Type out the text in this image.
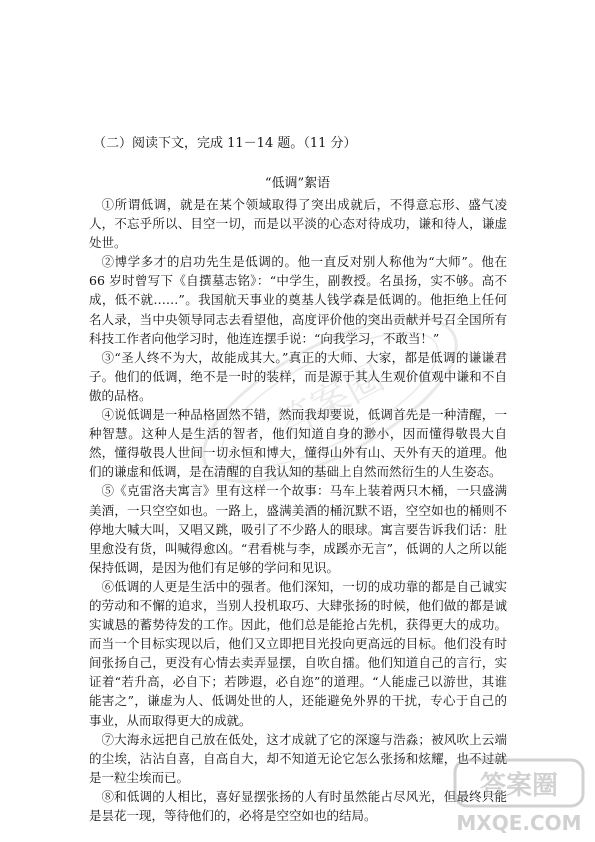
（二）阅读下文，完成 11－14 题。（11 分）
“低调”絮语

①所谓低调，就是在某个领域取得了突出成就后，不得意忘形、盛气凌人，不忘乎所以、目空一切，而是以平淡的心态对待成功，谦和待人，谦虚处世。

②博学多才的启功先生是低调的。他一直反对别人称他为“大师”。他在 66 岁时曾写下《自撰墓志铭》：“中学生，副教授。名虽扬，实不够。高不成，低不就……”。我国航天事业的奠基人钱学森是低调的。他拒绝上任何名人录，当中央领导同志去看望他，高度评价他的突出贡献并号召全国所有科技工作者向他学习时，他连连摆手说：“向我学习，不敢当！”

③“圣人终不为大，故能成其大。”真正的大师、大家，都是低调的谦谦君子。他们的低调，绝不是一时的装样，而是源于其人生观价值观中谦和不自傲的品格。

④说低调是一种品格固然不错，然而我却要说，低调首先是一种清醒，一种智慧。这种人是生活的智者，他们知道自身的渺小，因而懂得敬畏大自然，懂得敬畏人世间一切永恒和博大，懂得山外有山、天外有天的道理。他们的谦虚和低调，是在清醒的自我认知的基础上自然而然衍生的人生姿态。

⑤《克雷洛夫寓言》里有这样一个故事：马车上装着两只木桶，一只盛满美酒，一只空空如也。一路上，盛满美酒的桶沉默不语，空空如也的桶则不停地大喊大叫，又唱又跳，吸引了不少路人的眼球。寓言要告诉我们话：肚里愈没有货，叫喊得愈凶。“君看桃与李，成蹊亦无言”，低调的人之所以能保持低调，是因为他们有足够的学问和见识。

⑥低调的人更是生活中的强者。他们深知，一切的成功靠的都是自己诚实的劳动和不懈的追求，当别人投机取巧、大肆张扬的时候，他们做的都是诚实诚恳的蓄势待发的工作。因此，他们总是能抢占先机，获得更大的成功。而当一个目标实现以后，他们又立即把目光投向更高远的目标。他们没有时间张扬自己，更没有心情去卖弄显摆，自吹自擂。他们知道自己的言行，实证着“若升高，必自下；若陟遐，必自迩”的道理。“人能虚己以游世，其谁能害之”，谦虚为人、低调处世的人，还能避免外界的干扰，专心于自己的事业，从而取得更大的成就。

⑦大海永远把自己放在低处，这才成就了它的深邃与浩淼；被风吹上云端的尘埃，沾沾自喜，自高自大，却不知道无论它怎么张扬和炫耀，也不过就是一粒尘埃而已。

⑧和低调的人相比，喜好显摆张扬的人有时虽然能占尽风光，但最终只能是昙花一现，等待他们的，必将是空空如也的结局。

答案圈
答案圈
MXQE.COM
